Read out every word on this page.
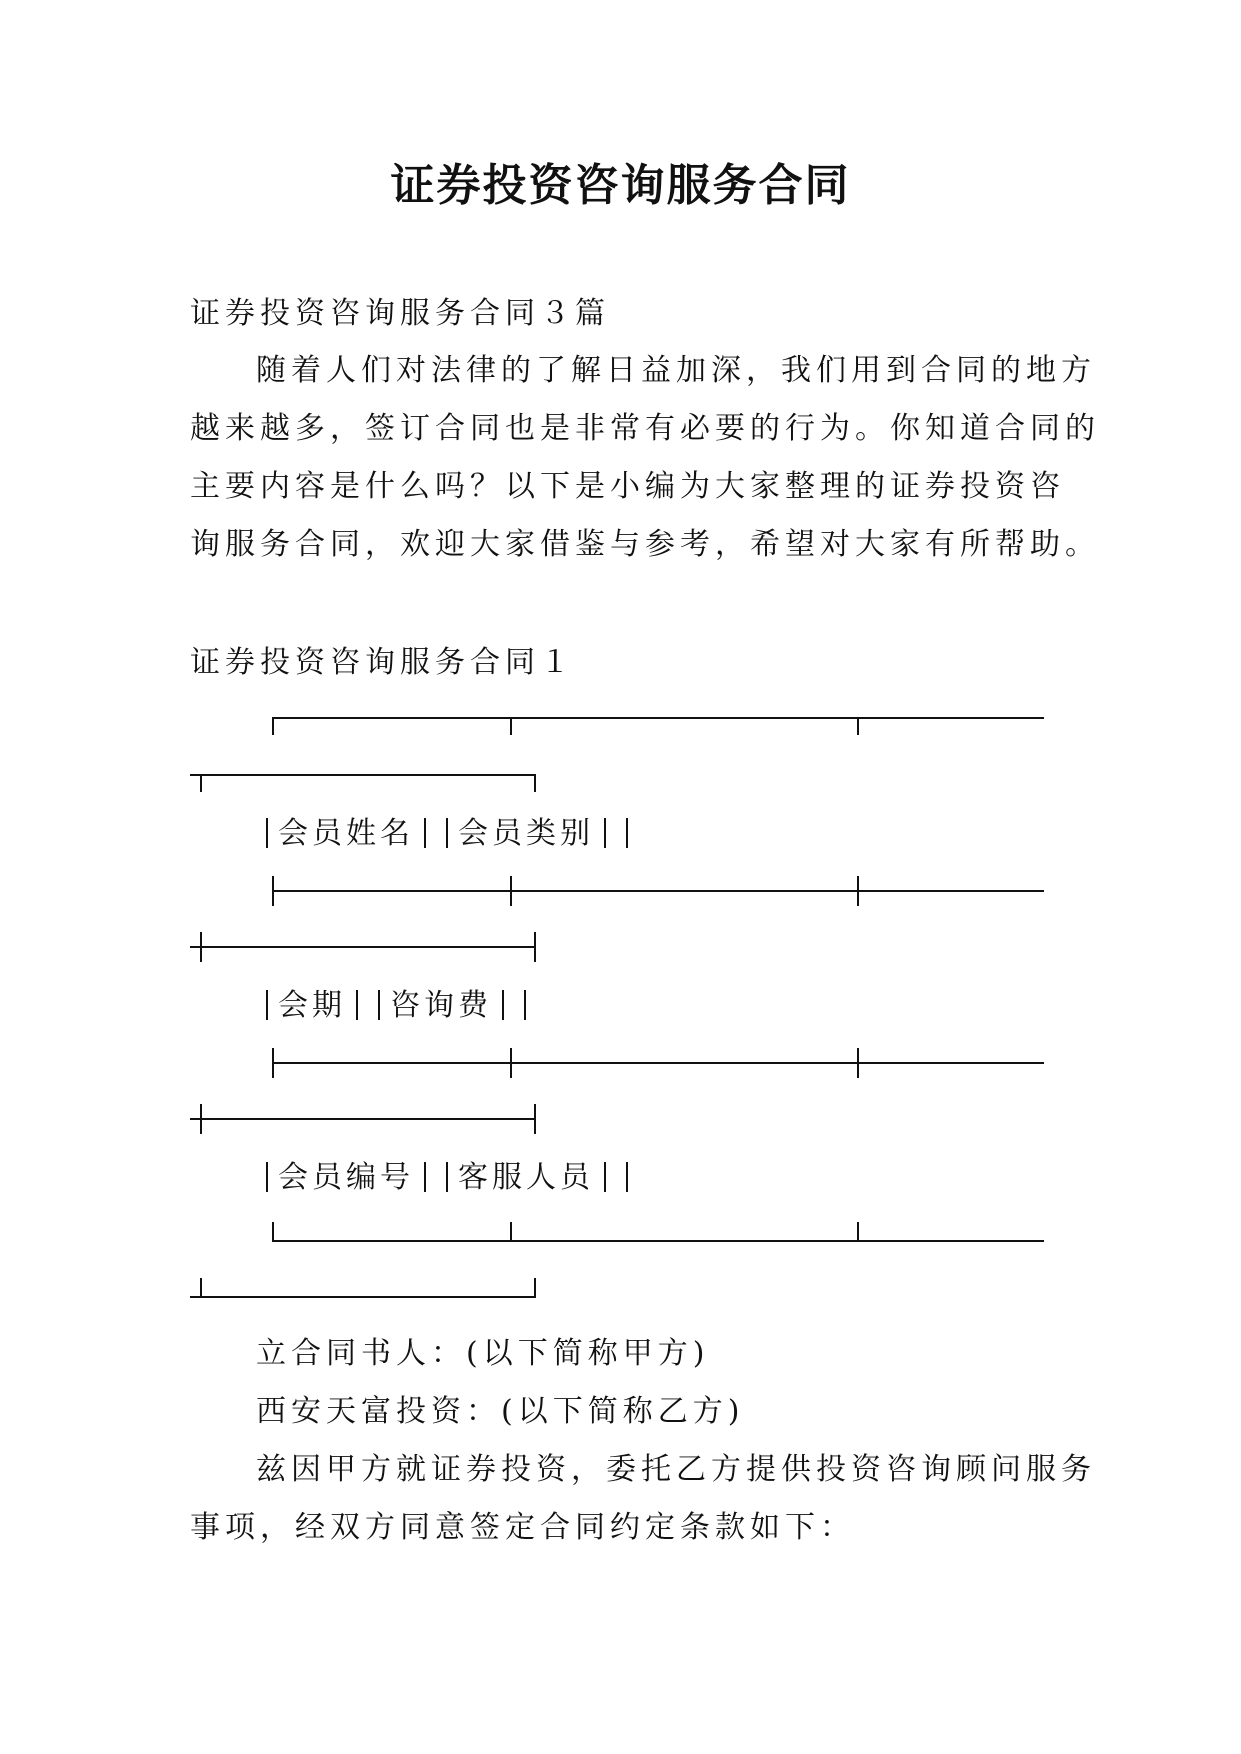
证券投资咨询服务合同
证券投资咨询服务合同３篇
随着人们对法律的了解日益加深，我们用到合同的地方
越来越多，签订合同也是非常有必要的行为。你知道合同的
主要内容是什么吗？以下是小编为大家整理的证券投资咨
询服务合同，欢迎大家借鉴与参考，希望对大家有所帮助。
证券投资咨询服务合同１
会员姓名 会员类别
会期 咨询费
会员编号 客服人员
立合同书人：(以下简称甲方)
西安天富投资：(以下简称乙方)
兹因甲方就证券投资，委托乙方提供投资咨询顾问服务
事项，经双方同意签定合同约定条款如下：
